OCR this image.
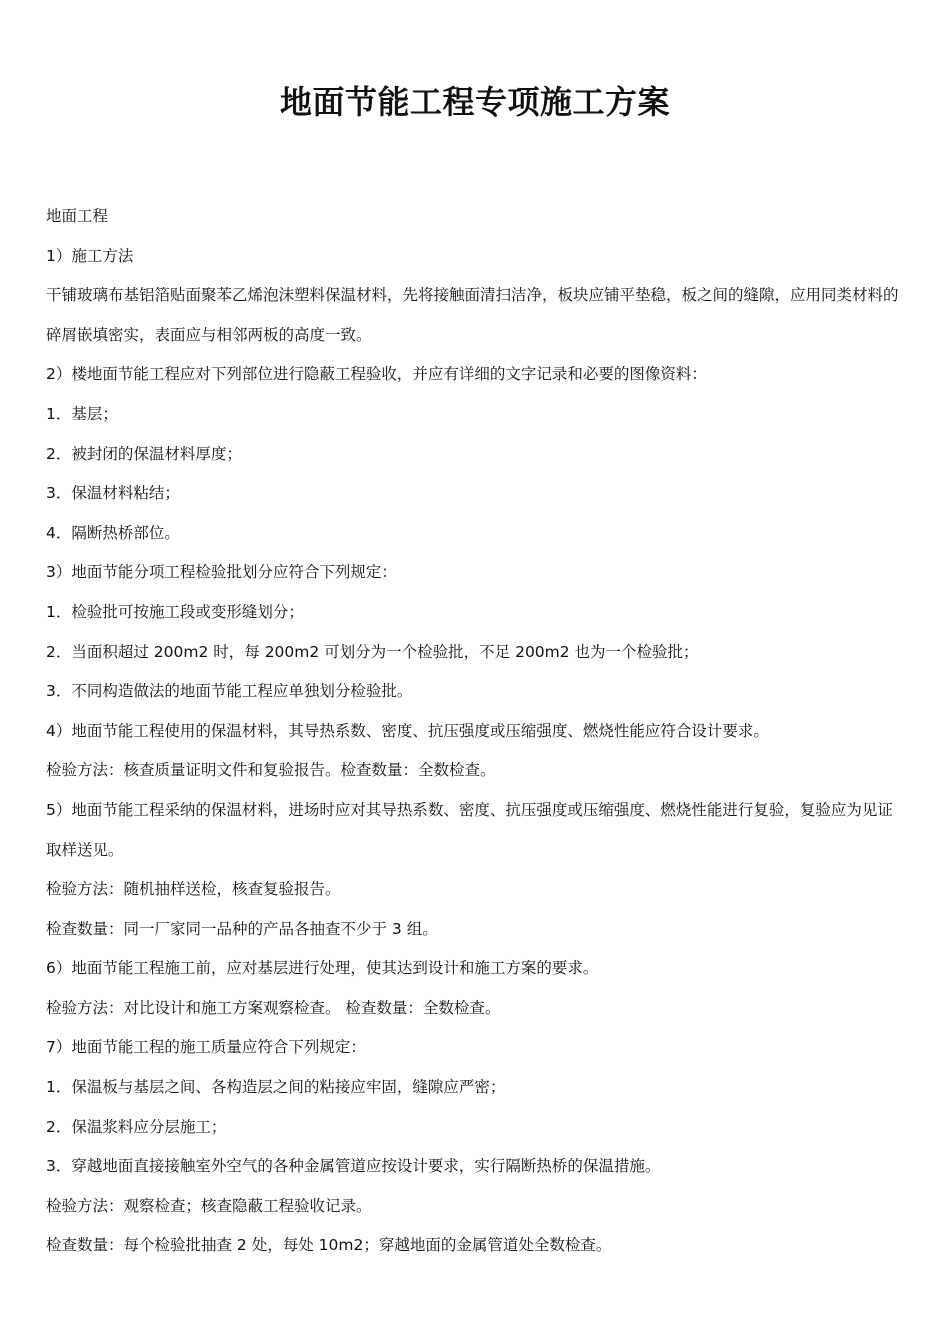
地面节能工程专项施工方案

地面工程

1）施工方法

干铺玻璃布基铝箔贴面聚苯乙烯泡沫塑料保温材料，先将接触面清扫洁净，板块应铺平垫稳，板之间的缝隙，应用同类材料的碎屑嵌填密实，表面应与相邻两板的高度一致。

2）楼地面节能工程应对下列部位进行隐蔽工程验收，并应有详细的文字记录和必要的图像资料：

1．基层；

2．被封闭的保温材料厚度；

3．保温材料粘结；

4．隔断热桥部位。

3）地面节能分项工程检验批划分应符合下列规定：

1．检验批可按施工段或变形缝划分；

2．当面积超过 200m2 时，每 200m2 可划分为一个检验批，不足 200m2 也为一个检验批；

3．不同构造做法的地面节能工程应单独划分检验批。

4）地面节能工程使用的保温材料，其导热系数、密度、抗压强度或压缩强度、燃烧性能应符合设计要求。

检验方法：核查质量证明文件和复验报告。检查数量：全数检查。

5）地面节能工程采纳的保温材料，进场时应对其导热系数、密度、抗压强度或压缩强度、燃烧性能进行复验，复验应为见证取样送见。

检验方法：随机抽样送检，核查复验报告。

检查数量：同一厂家同一品种的产品各抽查不少于 3 组。

6）地面节能工程施工前，应对基层进行处理，使其达到设计和施工方案的要求。

检验方法：对比设计和施工方案观察检查。 检查数量：全数检查。

7）地面节能工程的施工质量应符合下列规定：

1．保温板与基层之间、各构造层之间的粘接应牢固，缝隙应严密；

2．保温浆料应分层施工；

3．穿越地面直接接触室外空气的各种金属管道应按设计要求，实行隔断热桥的保温措施。

检验方法：观察检查；核查隐蔽工程验收记录。

检查数量：每个检验批抽查 2 处，每处 10m2；穿越地面的金属管道处全数检查。
